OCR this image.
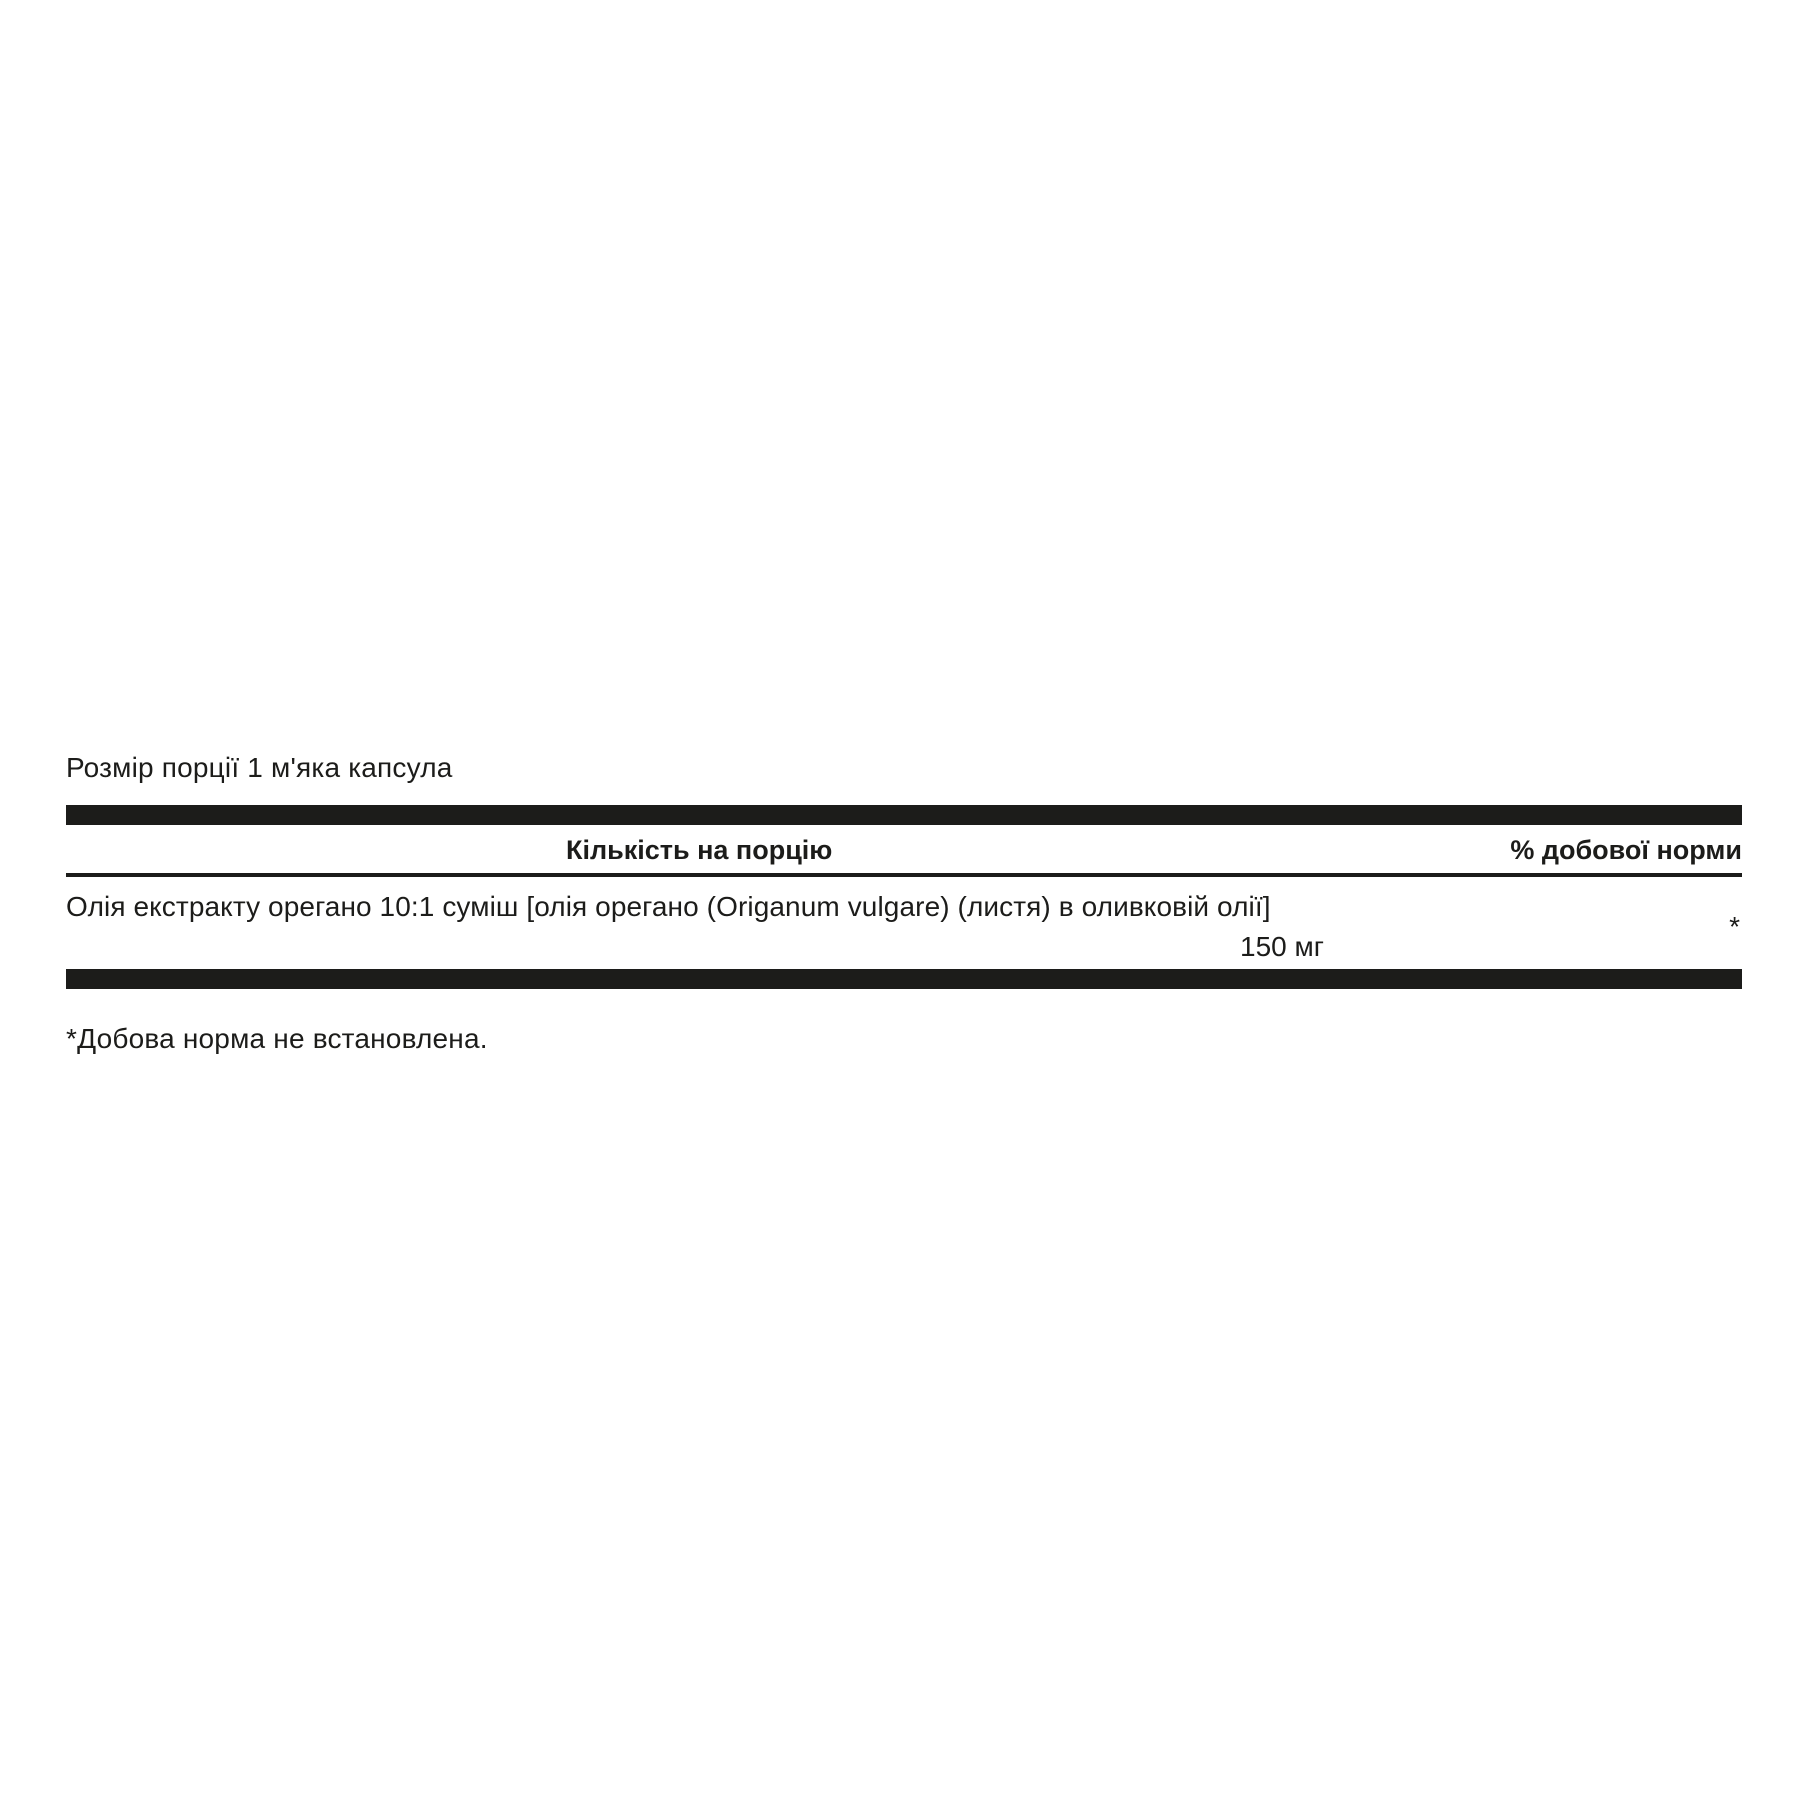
Розмір порції 1 м'яка капсула

Кількість на порцію	% добової норми
Олія екстракту орегано 10:1 суміш [олія орегано (Origanum vulgare) (листя) в оливковій олії]
150 мг
*

*Добова норма не встановлена.
